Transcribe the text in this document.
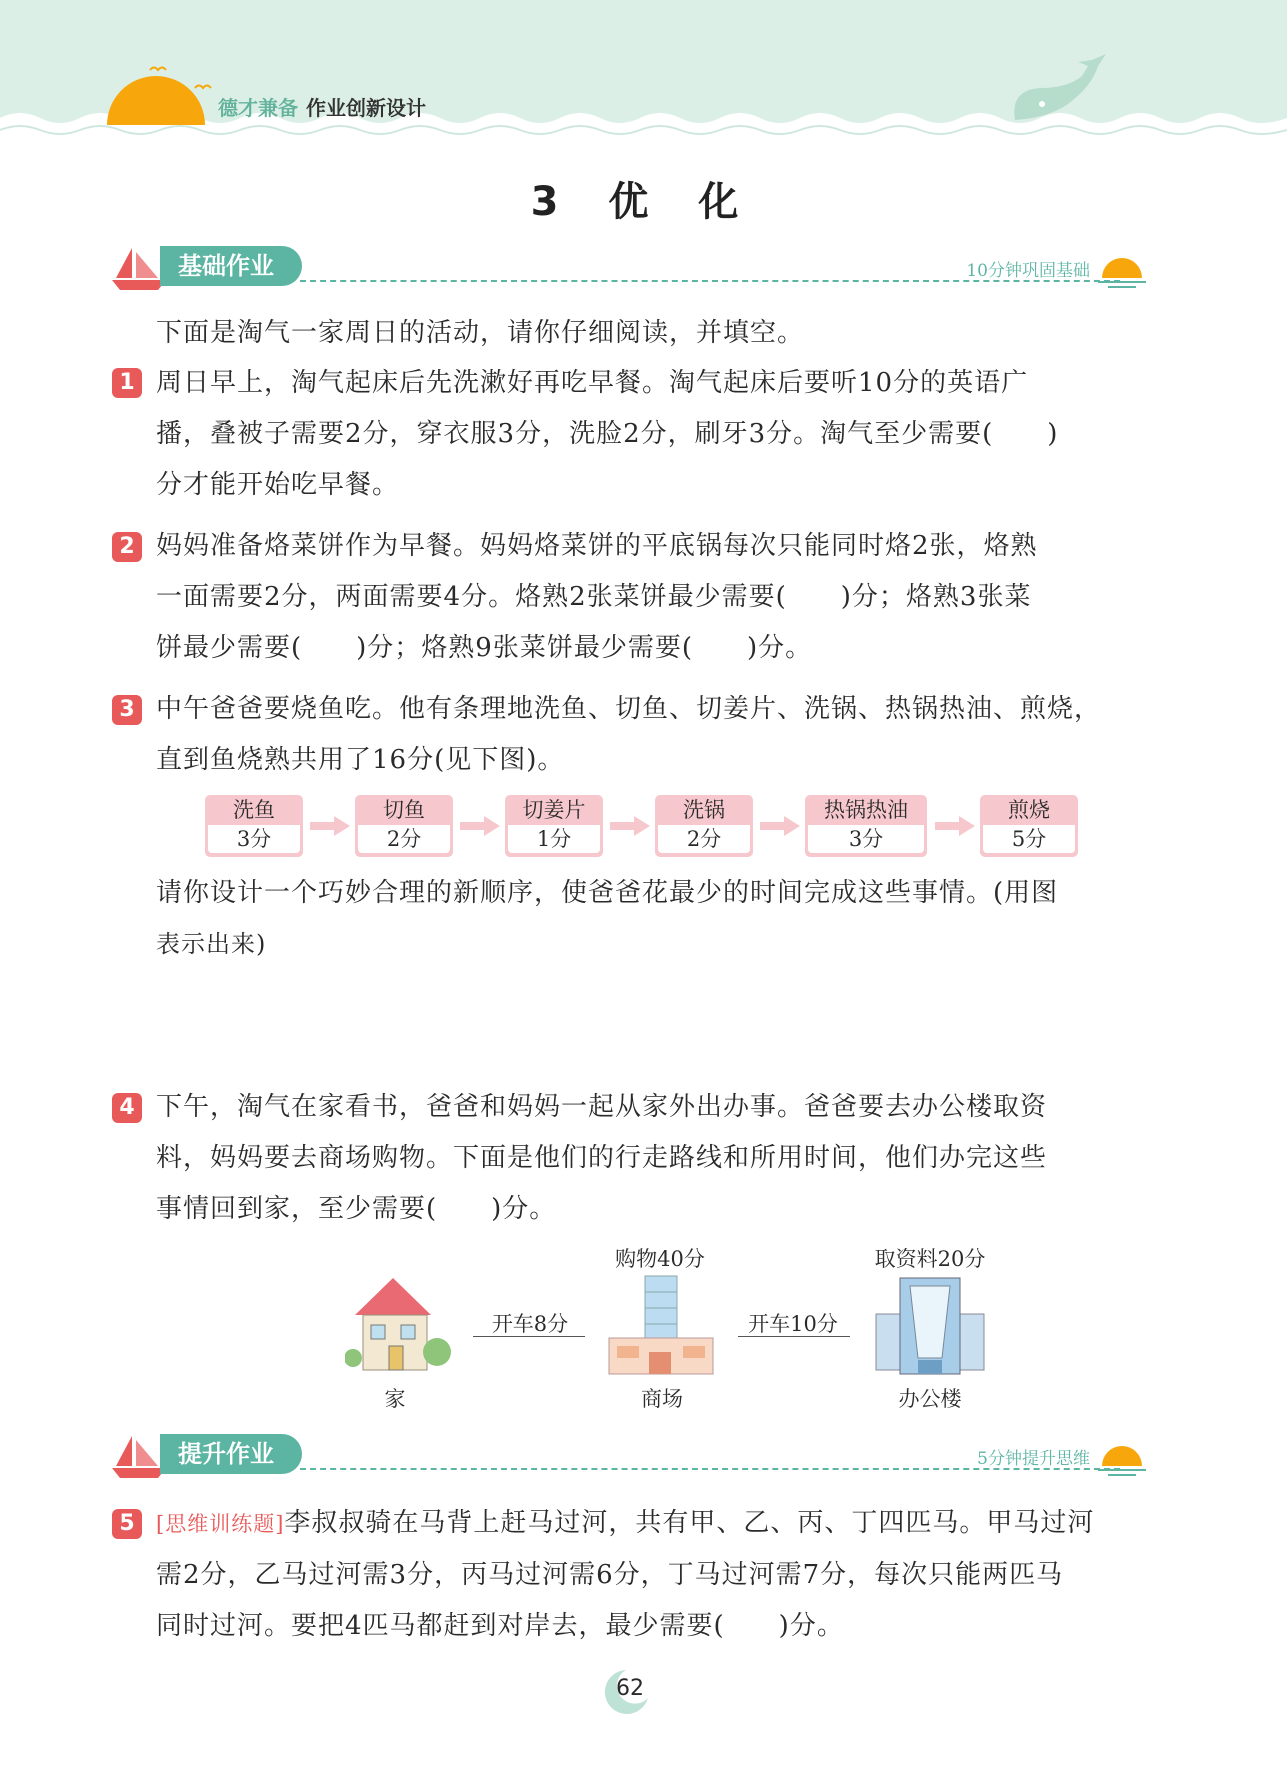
德才兼备 作业创新设计
3 优 化
基础作业	10分钟巩固基础
下面是淘气一家周日的活动，请你仔细阅读，并填空。
1 周日早上，淘气起床后先洗漱好再吃早餐。淘气起床后要听10分的英语广
播，叠被子需要2分，穿衣服3分，洗脸2分，刷牙3分。淘气至少需要(　　)
分才能开始吃早餐。
2 妈妈准备烙菜饼作为早餐。妈妈烙菜饼的平底锅每次只能同时烙2张，烙熟
一面需要2分，两面需要4分。烙熟2张菜饼最少需要(　　)分；烙熟3张菜
饼最少需要(　　)分；烙熟9张菜饼最少需要(　　)分。
3 中午爸爸要烧鱼吃。他有条理地洗鱼、切鱼、切姜片、洗锅、热锅热油、煎烧，
直到鱼烧熟共用了16分(见下图)。
洗鱼
3分
切鱼
2分
切姜片
1分
洗锅
2分
热锅热油
3分
煎烧
5分
请你设计一个巧妙合理的新顺序，使爸爸花最少的时间完成这些事情。(用图
表示出来)
4 下午，淘气在家看书，爸爸和妈妈一起从家外出办事。爸爸要去办公楼取资
料，妈妈要去商场购物。下面是他们的行走路线和所用时间，他们办完这些
事情回到家，至少需要(　　)分。
家
开车8分
购物40分
商场
开车10分
取资料20分
办公楼
提升作业	5分钟提升思维
5	[思维训练题]李叔叔骑在马背上赶马过河，共有甲、乙、丙、丁四匹马。甲马过河
需2分，乙马过河需3分，丙马过河需6分，丁马过河需7分，每次只能两匹马
同时过河。要把4匹马都赶到对岸去，最少需要(　　)分。
62
